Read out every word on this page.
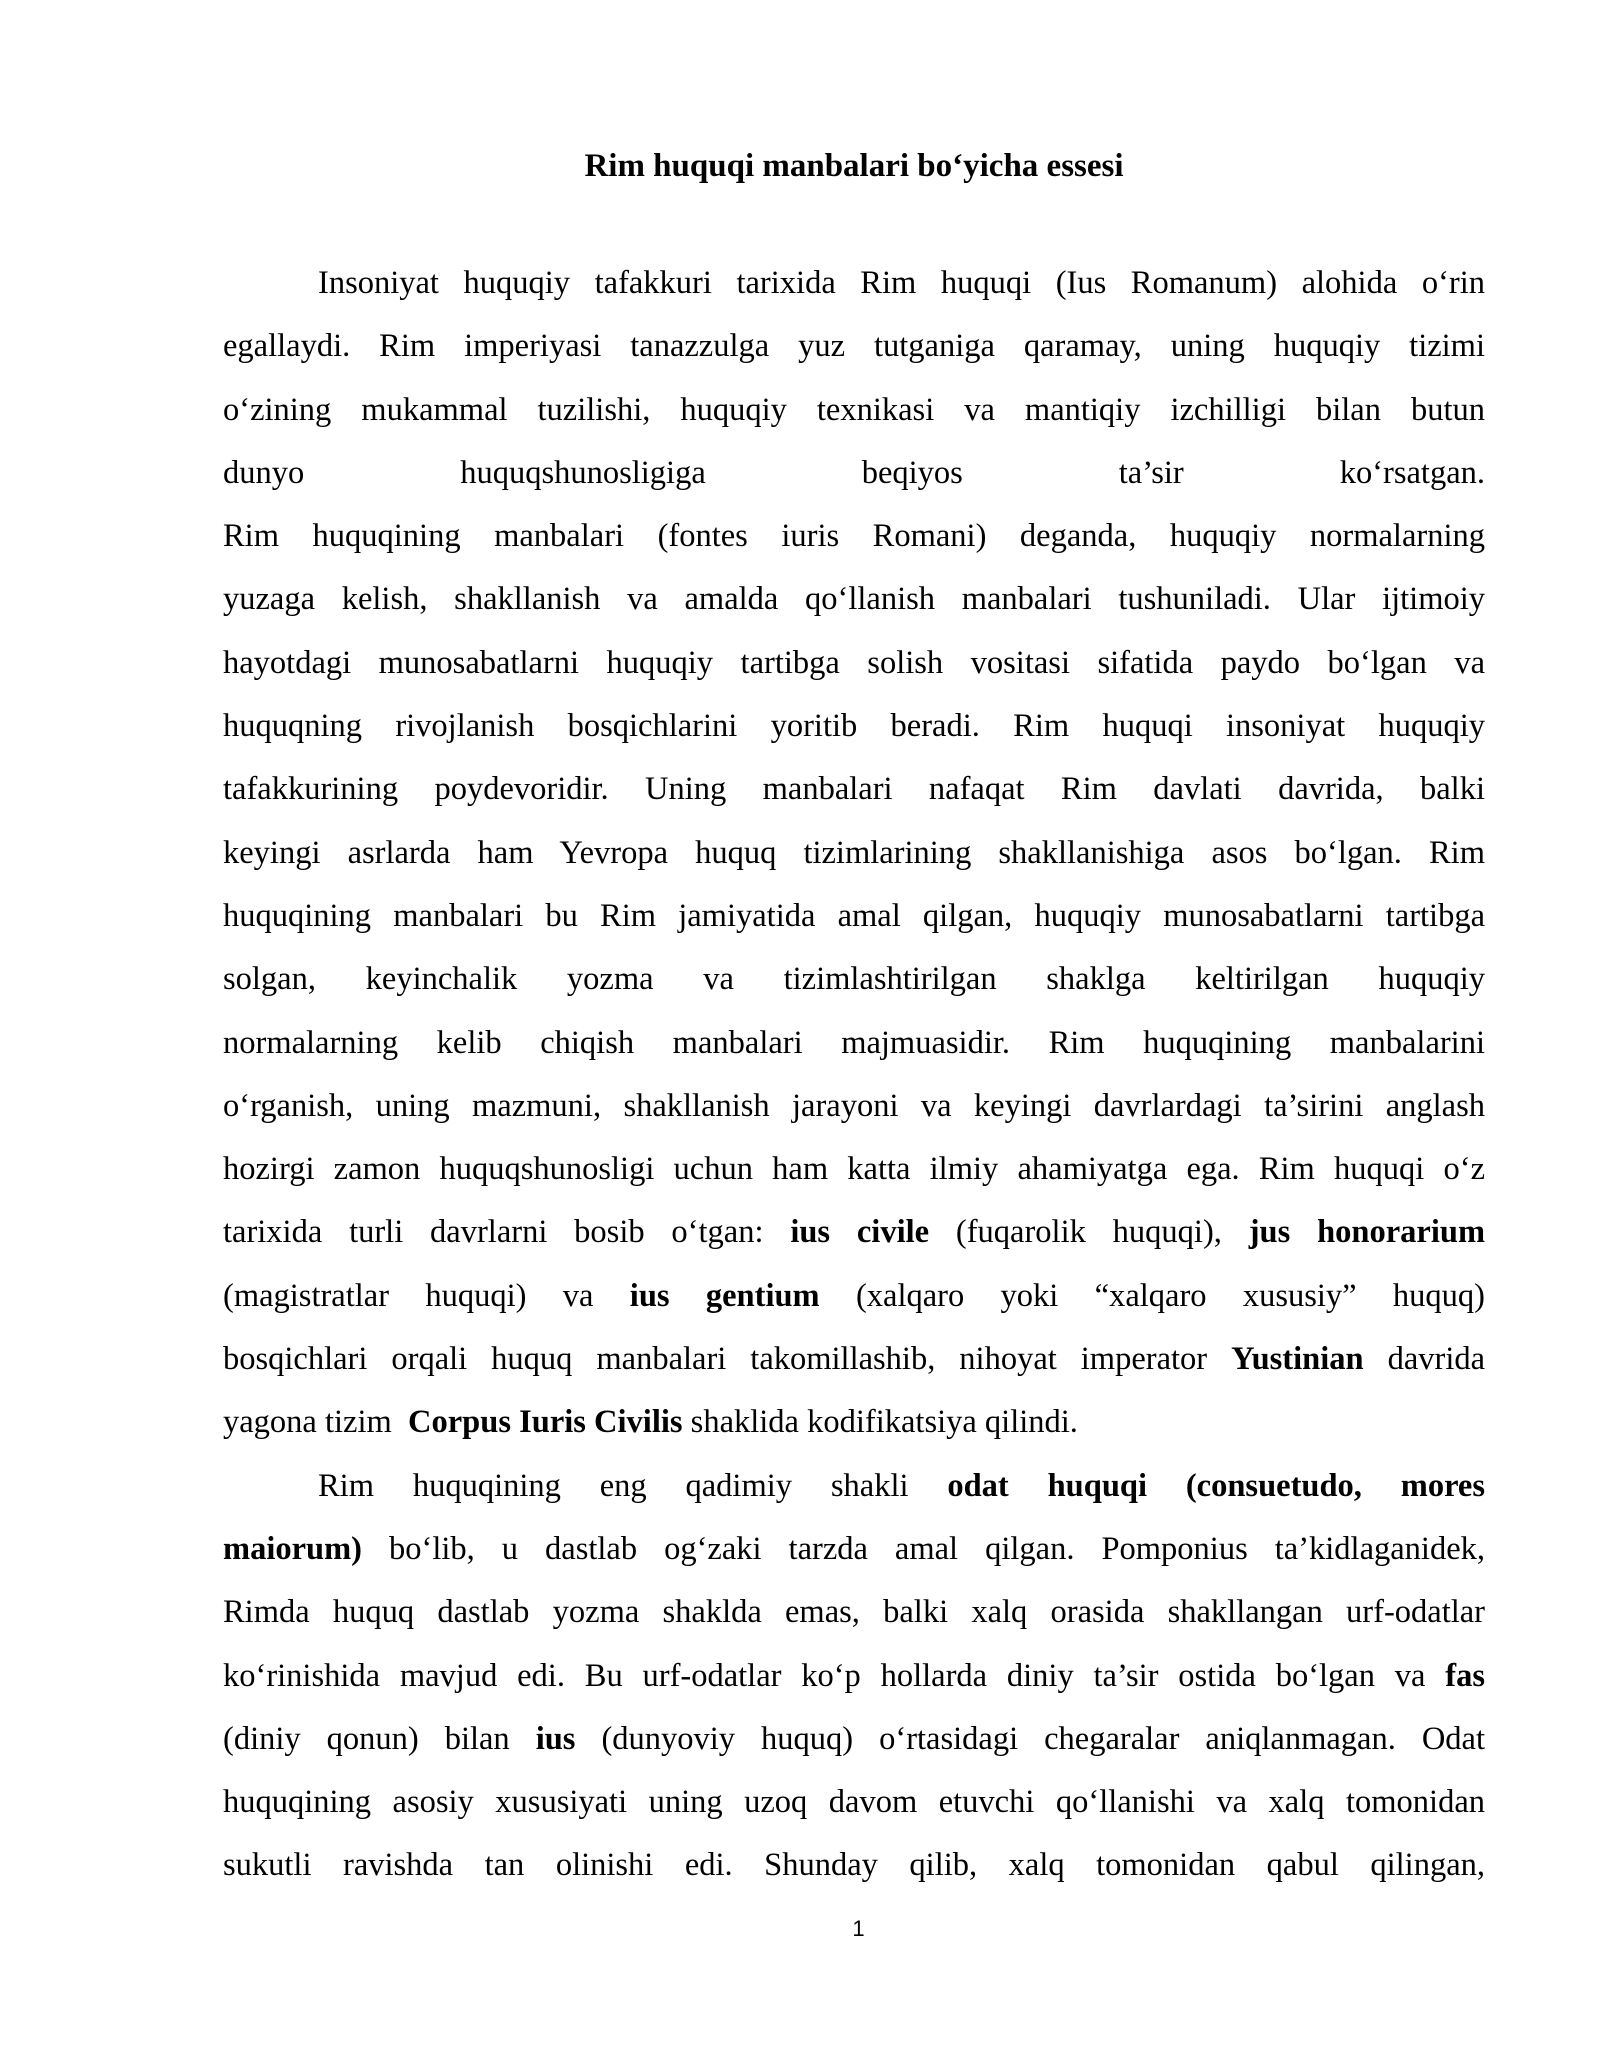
Rim huquqi manbalari bo‘yicha essesi
Insoniyat huquqiy tafakkuri tarixida Rim huquqi (Ius Romanum) alohida o‘rin
egallaydi. Rim imperiyasi tanazzulga yuz tutganiga qaramay, uning huquqiy tizimi
o‘zining mukammal tuzilishi, huquqiy texnikasi va mantiqiy izchilligi bilan butun
dunyo huquqshunosligiga beqiyos ta’sir ko‘rsatgan.
Rim huquqining manbalari (fontes iuris Romani) deganda, huquqiy normalarning
yuzaga kelish, shakllanish va amalda qo‘llanish manbalari tushuniladi. Ular ijtimoiy
hayotdagi munosabatlarni huquqiy tartibga solish vositasi sifatida paydo bo‘lgan va
huquqning rivojlanish bosqichlarini yoritib beradi. Rim huquqi insoniyat huquqiy
tafakkurining poydevoridir. Uning manbalari nafaqat Rim davlati davrida, balki
keyingi asrlarda ham Yevropa huquq tizimlarining shakllanishiga asos bo‘lgan. Rim
huquqining manbalari bu Rim jamiyatida amal qilgan, huquqiy munosabatlarni tartibga
solgan, keyinchalik yozma va tizimlashtirilgan shaklga keltirilgan huquqiy
normalarning kelib chiqish manbalari majmuasidir. Rim huquqining manbalarini
o‘rganish, uning mazmuni, shakllanish jarayoni va keyingi davrlardagi ta’sirini anglash
hozirgi zamon huquqshunosligi uchun ham katta ilmiy ahamiyatga ega. Rim huquqi o‘z
tarixida turli davrlarni bosib o‘tgan: ius civile (fuqarolik huquqi), jus honorarium
(magistratlar huquqi) va ius gentium (xalqaro yoki “xalqaro xususiy” huquq)
bosqichlari orqali huquq manbalari takomillashib, nihoyat imperator Yustinian davrida
yagona tizim Corpus Iuris Civilis shaklida kodifikatsiya qilindi.
Rim huquqining eng qadimiy shakli odat huquqi (consuetudo, mores
maiorum) bo‘lib, u dastlab og‘zaki tarzda amal qilgan. Pomponius ta’kidlaganidek,
Rimda huquq dastlab yozma shaklda emas, balki xalq orasida shakllangan urf-odatlar
ko‘rinishida mavjud edi. Bu urf-odatlar ko‘p hollarda diniy ta’sir ostida bo‘lgan va fas
(diniy qonun) bilan ius (dunyoviy huquq) o‘rtasidagi chegaralar aniqlanmagan. Odat
huquqining asosiy xususiyati uning uzoq davom etuvchi qo‘llanishi va xalq tomonidan
sukutli ravishda tan olinishi edi. Shunday qilib, xalq tomonidan qabul qilingan,
1
